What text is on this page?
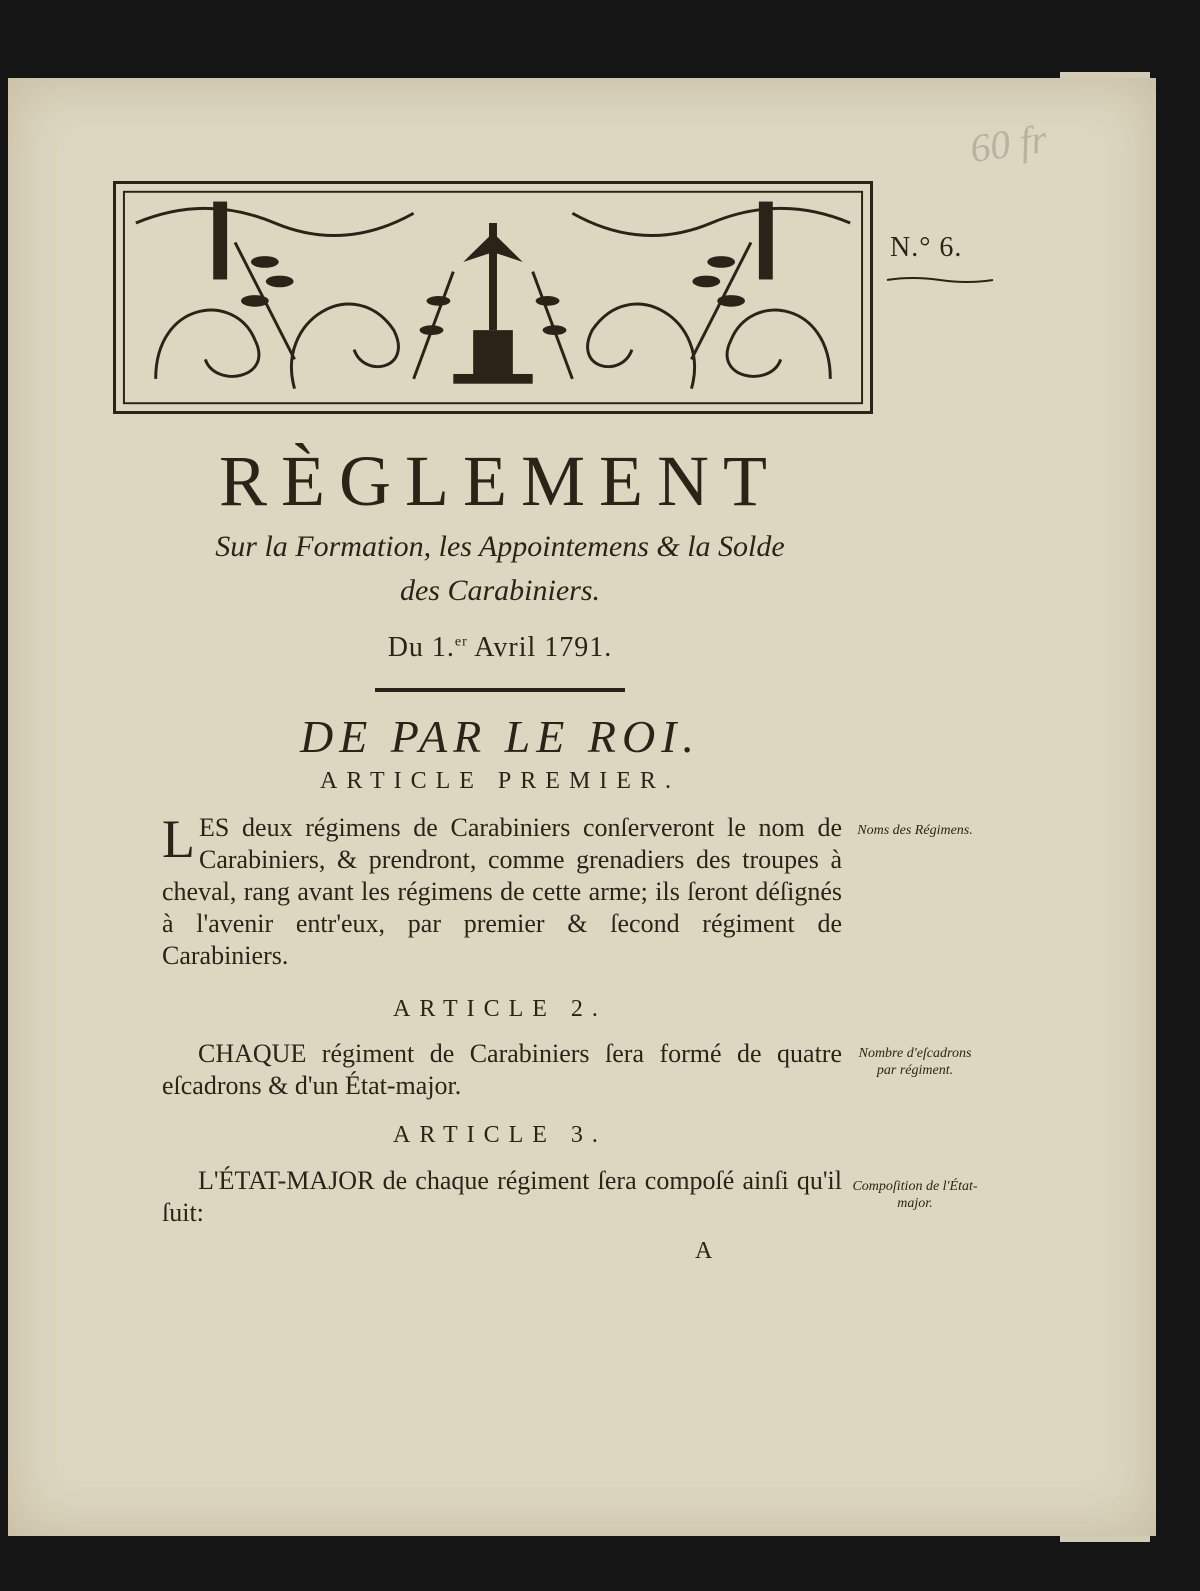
60 fr
N.° 6.
RÈGLEMENT
Sur la Formation, les Appointemens & la Solde
des Carabiniers.
Du 1.$^{er}$ Avril 1791.
DE PAR LE ROI.
ARTICLE PREMIER.
LES deux régimens de Carabiniers conſerveront le nom de Carabiniers, & prendront, comme grenadiers des troupes à cheval, rang avant les régimens de cette arme; ils ſeront déſignés à l'avenir entr'eux, par premier & ſecond régiment de Carabiniers.
Noms des Régimens.
ARTICLE 2.
CHAQUE régiment de Carabiniers ſera formé de quatre eſcadrons & d'un État-major.
Nombre d'eſcadrons par régiment.
ARTICLE 3.
L'ÉTAT-MAJOR de chaque régiment ſera compoſé ainſi qu'il ſuit:
Compoſition de l'État-major.
A
